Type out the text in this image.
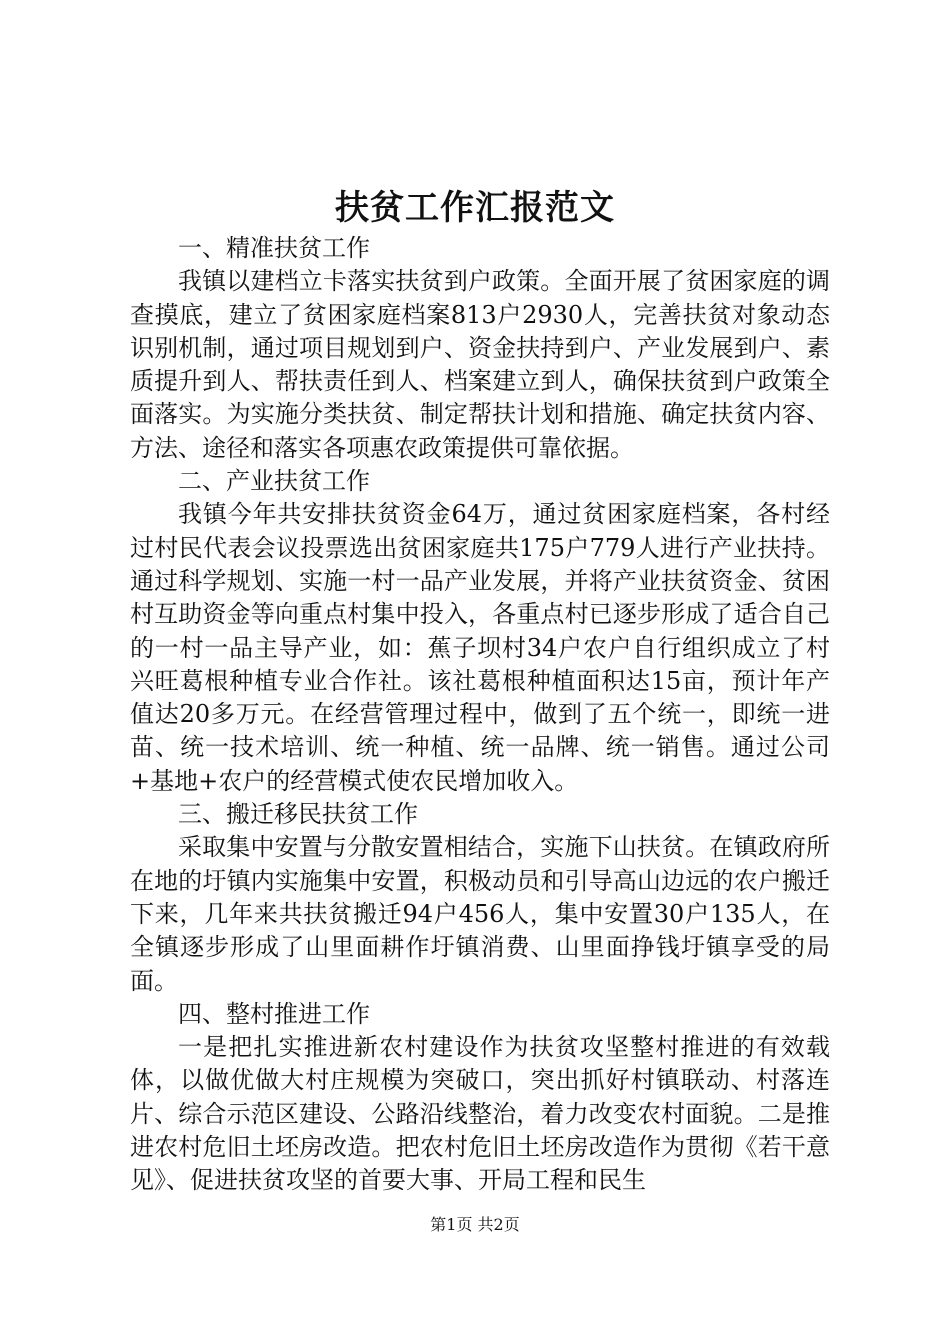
扶贫工作汇报范文

一、精准扶贫工作

我镇以建档立卡落实扶贫到户政策。全面开展了贫困家庭的调查摸底，建立了贫困家庭档案813户2930人，完善扶贫对象动态识别机制，通过项目规划到户、资金扶持到户、产业发展到户、素质提升到人、帮扶责任到人、档案建立到人，确保扶贫到户政策全面落实。为实施分类扶贫、制定帮扶计划和措施、确定扶贫内容、方法、途径和落实各项惠农政策提供可靠依据。

二、产业扶贫工作

我镇今年共安排扶贫资金64万，通过贫困家庭档案，各村经过村民代表会议投票选出贫困家庭共175户779人进行产业扶持。通过科学规划、实施一村一品产业发展，并将产业扶贫资金、贫困村互助资金等向重点村集中投入，各重点村已逐步形成了适合自己的一村一品主导产业，如：蕉子坝村34户农户自行组织成立了村兴旺葛根种植专业合作社。该社葛根种植面积达15亩，预计年产值达20多万元。在经营管理过程中，做到了五个统一，即统一进苗、统一技术培训、统一种植、统一品牌、统一销售。通过公司+基地+农户的经营模式使农民增加收入。

三、搬迁移民扶贫工作

采取集中安置与分散安置相结合，实施下山扶贫。在镇政府所在地的圩镇内实施集中安置，积极动员和引导高山边远的农户搬迁下来，几年来共扶贫搬迁94户456人，集中安置30户135人，在全镇逐步形成了山里面耕作圩镇消费、山里面挣钱圩镇享受的局面。

四、整村推进工作

一是把扎实推进新农村建设作为扶贫攻坚整村推进的有效载体，以做优做大村庄规模为突破口，突出抓好村镇联动、村落连片、综合示范区建设、公路沿线整治，着力改变农村面貌。二是推进农村危旧土坯房改造。把农村危旧土坯房改造作为贯彻《若干意见》、促进扶贫攻坚的首要大事、开局工程和民生

第1页 共2页
